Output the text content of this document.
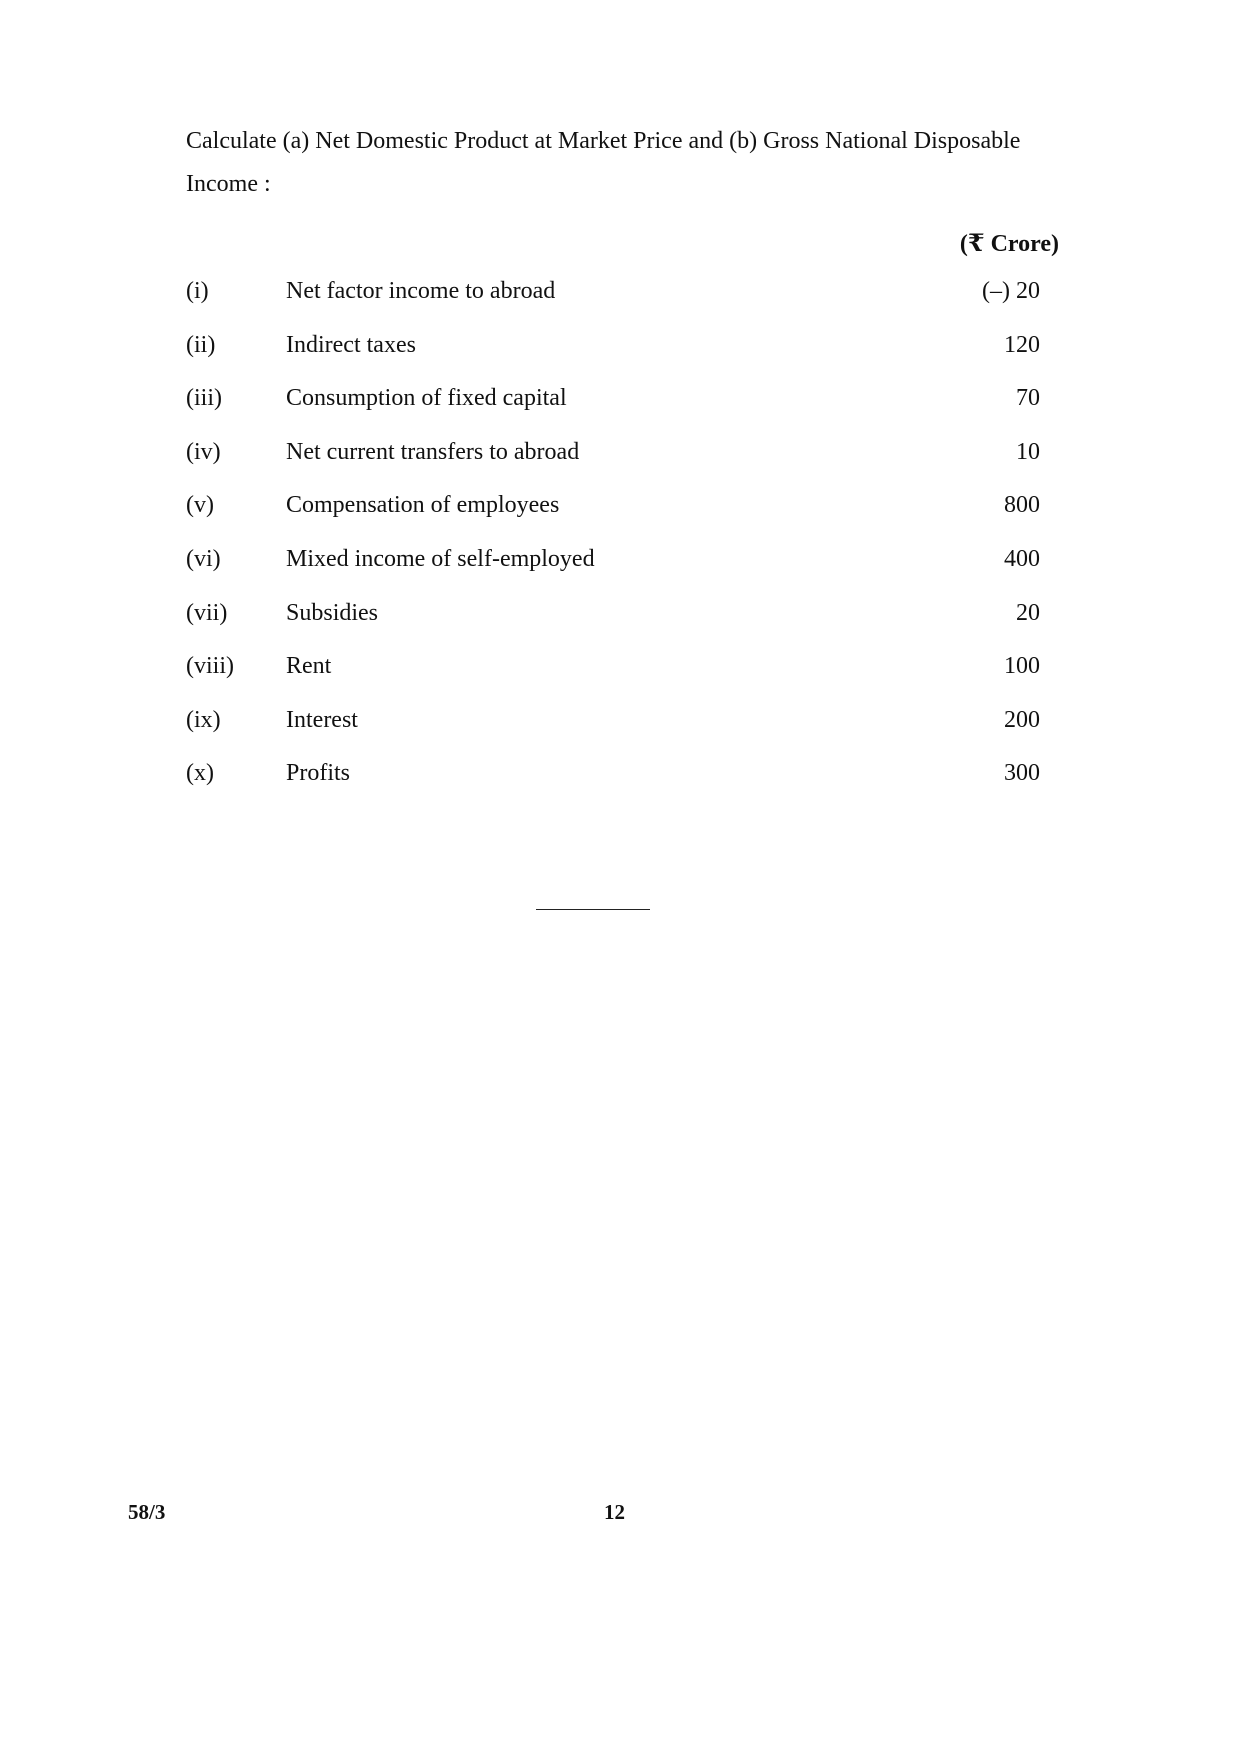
Calculate (a) Net Domestic Product at Market Price and (b) Gross National Disposable Income :

(₹ Crore)
(i)	Net factor income to abroad	(–) 20
(ii)	Indirect taxes	120
(iii)	Consumption of fixed capital	70
(iv)	Net current transfers to abroad	10
(v)	Compensation of employees	800
(vi)	Mixed income of self-employed	400
(vii) Subsidies	20
(viii) Rent	100
(ix)	Interest	200
(x)	Profits	300
58/3	12
